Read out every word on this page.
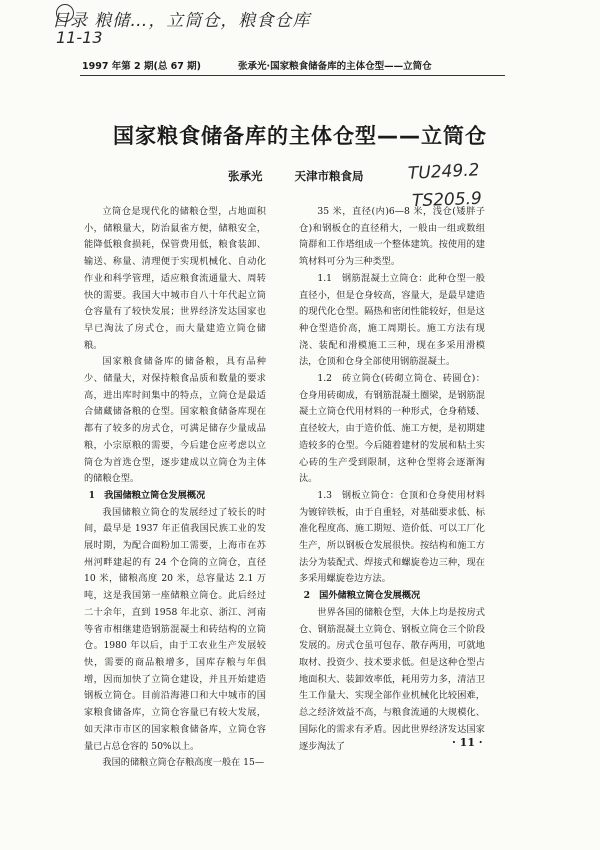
目录 粮储…，立筒仓，粮食仓库
11-13
TU249.2
TS205.9
1997 年第 2 期(总 67 期)	张承光·国家粮食储备库的主体仓型——立筒仓
国家粮食储备库的主体仓型——立筒仓
张承光	天津市粮食局

立筒仓是现代化的储粮仓型，占地面积小，储粮量大，防治鼠雀方便，储粮安全，能降低粮食损耗，保管费用低，粮食装卸、输送、称量、清理便于实现机械化、自动化作业和科学管理，适应粮食流通量大、周转快的需要。我国大中城市自八十年代起立筒仓容量有了较快发展；世界经济发达国家也早已淘汰了房式仓，而大量建造立筒仓储粮。

国家粮食储备库的储备粮，具有品种少、储量大，对保持粮食品质和数量的要求高，进出库时间集中的特点，立筒仓是最适合储藏储备粮的仓型。国家粮食储备库现在都有了较多的房式仓，可满足储存少量成品粮，小宗原粮的需要，今后建仓应考虑以立筒仓为首选仓型，逐步建成以立筒仓为主体的储粮仓型。

1　我国储粮立筒仓发展概况

我国储粮立筒仓的发展经过了较长的时间，最早是 1937 年正值我国民族工业的发展时期，为配合面粉加工需要，上海市在苏州河畔建起的有 24 个仓筒的立筒仓，直径 10 米，储粮高度 20 米，总容量达 2.1 万吨，这是我国第一座储粮立筒仓。此后经过二十余年，直到 1958 年北京、浙江、河南等省市相继建造钢筋混凝土和砖结构的立筒仓。1980 年以后，由于工农业生产发展较快，需要的商品粮增多，国库存粮与年俱增，因而加快了立筒仓建设，并且开始建造钢板立筒仓。目前沿海港口和大中城市的国家粮食储备库，立筒仓容量已有较大发展，如天津市市区的国家粮食储备库，立筒仓容量已占总仓容的 50%以上。

我国的储粮立筒仓存粮高度一般在 15—

35 米，直径(内)6—8 米，浅仓(矮胖子仓)和钢板仓的直径稍大，一般由一组或数组筒群和工作塔组成一个整体建筑。按使用的建筑材料可分为三种类型。

1.1　钢筋混凝土立筒仓：此种仓型一般直径小，但是仓身较高，容量大，是最早建造的现代化仓型。隔热和密闭性能较好，但是这种仓型造价高，施工周期长。施工方法有现浇、装配和滑模施工三种，现在多采用滑模法，仓顶和仓身全部使用钢筋混凝土。

1.2　砖立筒仓(砖砌立筒仓、砖圆仓)：仓身用砖砌成，有钢筋混凝土圈梁，是钢筋混凝土立筒仓代用材料的一种形式，仓身稍矮、直径较大，由于造价低、施工方便，是初期建造较多的仓型。今后随着建材的发展和粘土实心砖的生产受到限制，这种仓型将会逐渐淘汰。

1.3　钢板立筒仓：仓顶和仓身使用材料为镀锌铁板，由于自重轻，对基础要求低、标准化程度高、施工期短、造价低、可以工厂化生产，所以钢板仓发展很快。按结构和施工方法分为装配式、焊接式和螺旋卷边三种，现在多采用螺旋卷边方法。

2　国外储粮立筒仓发展概况

世界各国的储粮仓型，大体上均是按房式仓、钢筋混凝土立筒仓、钢板立筒仓三个阶段发展的。房式仓虽可包存、散存两用，可就地取材、投资少、技术要求低。但是这种仓型占地面积大、装卸效率低，耗用劳力多，清洁卫生工作量大、实现全部作业机械化比较困难，总之经济效益不高，与粮食流通的大规模化、国际化的需求有矛盾。因此世界经济发达国家逐步淘汰了	· 11 ·
